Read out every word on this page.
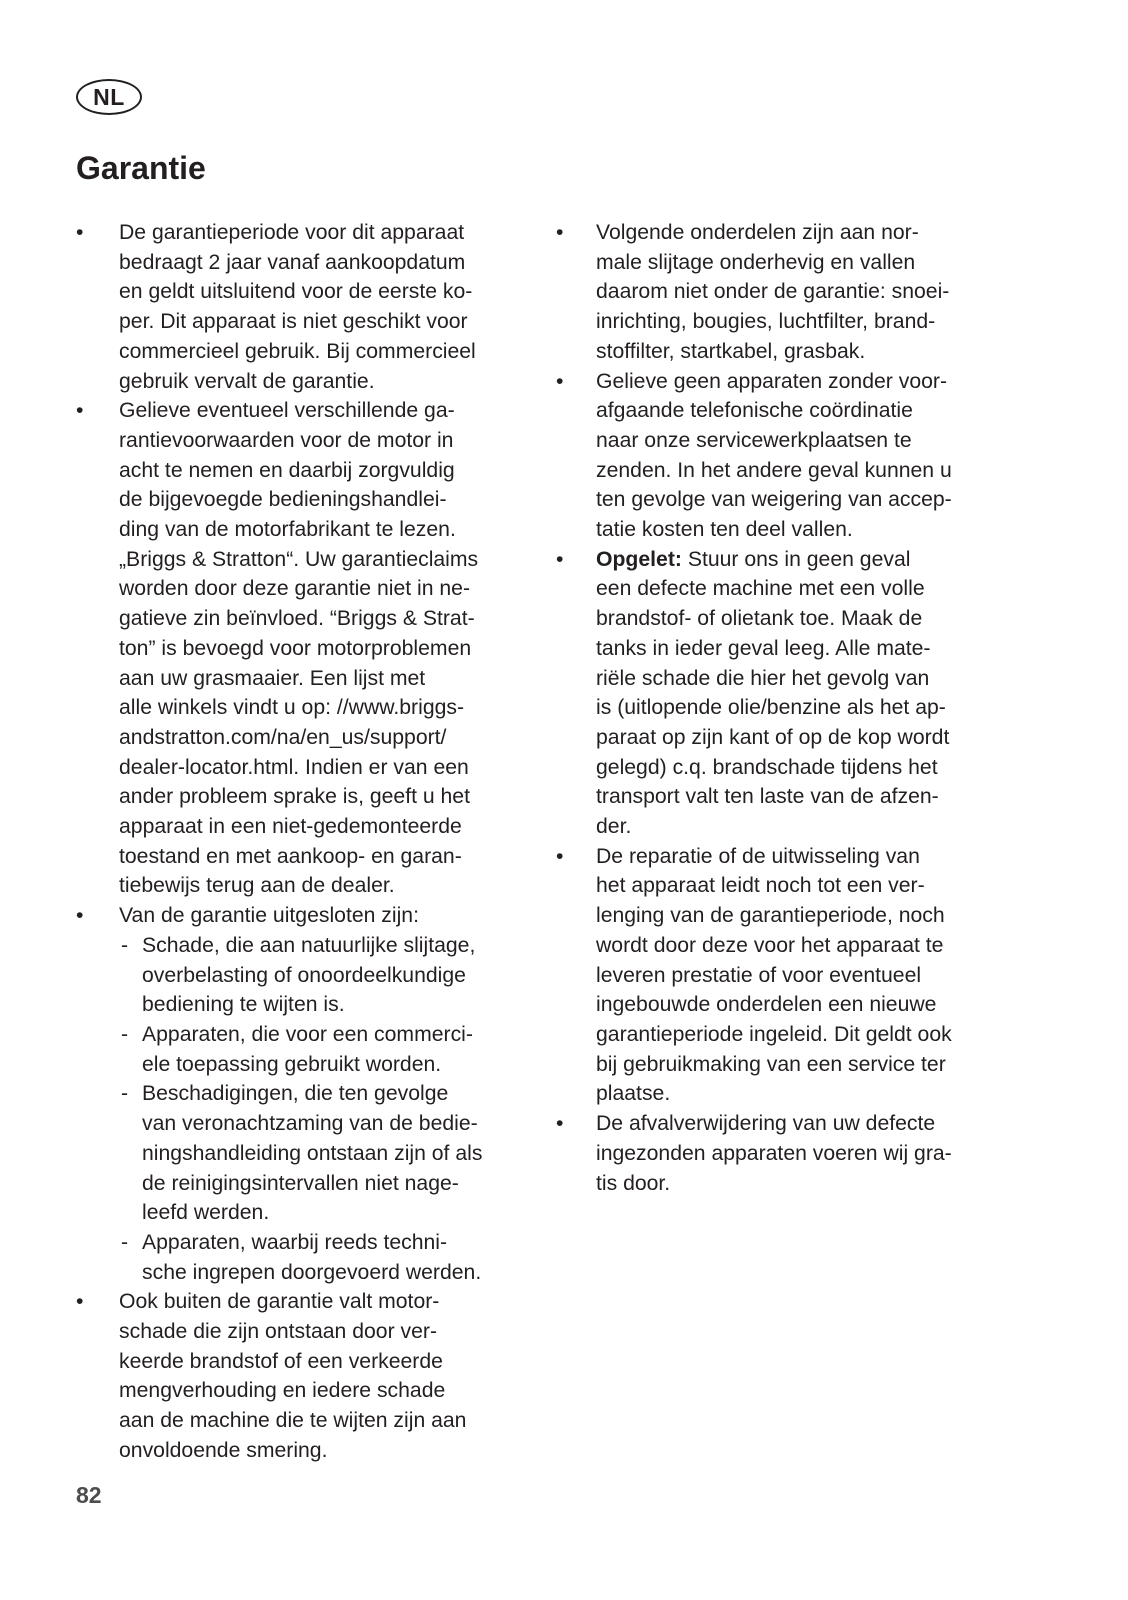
NL
Garantie
• De garantieperiode voor dit apparaat
bedraagt 2 jaar vanaf aankoopdatum
en geldt uitsluitend voor de eerste ko-
per. Dit apparaat is niet geschikt voor
commercieel gebruik. Bij commercieel
gebruik vervalt de garantie.
• Gelieve eventueel verschillende ga-
rantievoorwaarden voor de motor in
acht te nemen en daarbij zorgvuldig
de bijgevoegde bedieningshandlei-
ding van de motorfabrikant te lezen.
„Briggs & Stratton“. Uw garantieclaims
worden door deze garantie niet in ne-
gatieve zin beïnvloed. “Briggs & Strat-
ton” is bevoegd voor motorproblemen
aan uw grasmaaier. Een lijst met
alle winkels vindt u op: //www.briggs-
andstratton.com/na/en_us/support/
dealer-locator.html. Indien er van een
ander probleem sprake is, geeft u het
apparaat in een niet-gedemonteerde
toestand en met aankoop- en garan-
tiebewijs terug aan de dealer.
• Van de garantie uitgesloten zijn:
- Schade, die aan natuurlijke slijtage,
overbelasting of onoordeelkundige
bediening te wijten is.
- Apparaten, die voor een commerci-
ele toepassing gebruikt worden.
- Beschadigingen, die ten gevolge
van veronachtzaming van de bedie-
ningshandleiding ontstaan zijn of als
de reinigingsintervallen niet nage-
leefd werden.
- Apparaten, waarbij reeds techni-
sche ingrepen doorgevoerd werden.
• Ook buiten de garantie valt motor-
schade die zijn ontstaan door ver-
keerde brandstof of een verkeerde
mengverhouding en iedere schade
aan de machine die te wijten zijn aan
onvoldoende smering.
• Volgende onderdelen zijn aan nor-
male slijtage onderhevig en vallen
daarom niet onder de garantie: snoei-
inrichting, bougies, luchtfilter, brand-
stoffilter, startkabel, grasbak.
• Gelieve geen apparaten zonder voor-
afgaande telefonische coördinatie
naar onze servicewerkplaatsen te
zenden. In het andere geval kunnen u
ten gevolge van weigering van accep-
tatie kosten ten deel vallen.
• Opgelet: Stuur ons in geen geval
een defecte machine met een volle
brandstof- of olietank toe. Maak de
tanks in ieder geval leeg. Alle mate-
riële schade die hier het gevolg van
is (uitlopende olie/benzine als het ap-
paraat op zijn kant of op de kop wordt
gelegd) c.q. brandschade tijdens het
transport valt ten laste van de afzen-
der.
• De reparatie of de uitwisseling van
het apparaat leidt noch tot een ver-
lenging van de garantieperiode, noch
wordt door deze voor het apparaat te
leveren prestatie of voor eventueel
ingebouwde onderdelen een nieuwe
garantieperiode ingeleid. Dit geldt ook
bij gebruikmaking van een service ter
plaatse.
• De afvalverwijdering van uw defecte
ingezonden apparaten voeren wij gra-
tis door.
82
